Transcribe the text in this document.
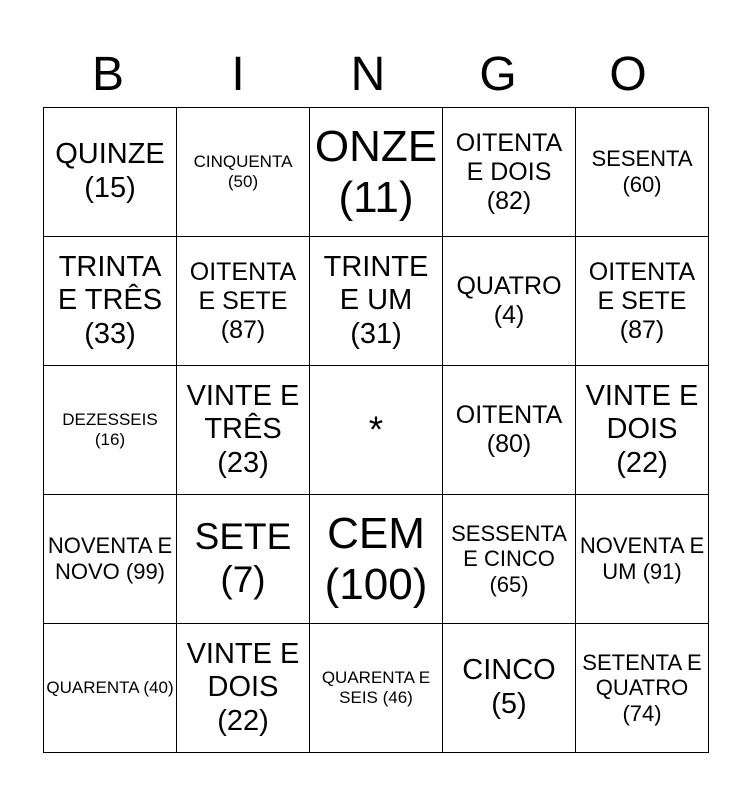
B	I	N	G	O
QUINZE (15)	CINQUENTA (50)	ONZE (11)	OITENTA E DOIS (82)	SESENTA (60)
TRINTA E TRÊS (33)	OITENTA E SETE (87)	TRINTE E UM (31)	QUATRO (4)	OITENTA E SETE (87)
DEZESSEIS (16)	VINTE E TRÊS (23)	*	OITENTA (80)	VINTE E DOIS (22)
NOVENTA E NOVO (99)	SETE (7)	CEM (100)	SESSENTA E CINCO (65)	NOVENTA E UM (91)
QUARENTA (40)	VINTE E DOIS (22)	QUARENTA E SEIS (46)	CINCO (5)	SETENTA E QUATRO (74)
